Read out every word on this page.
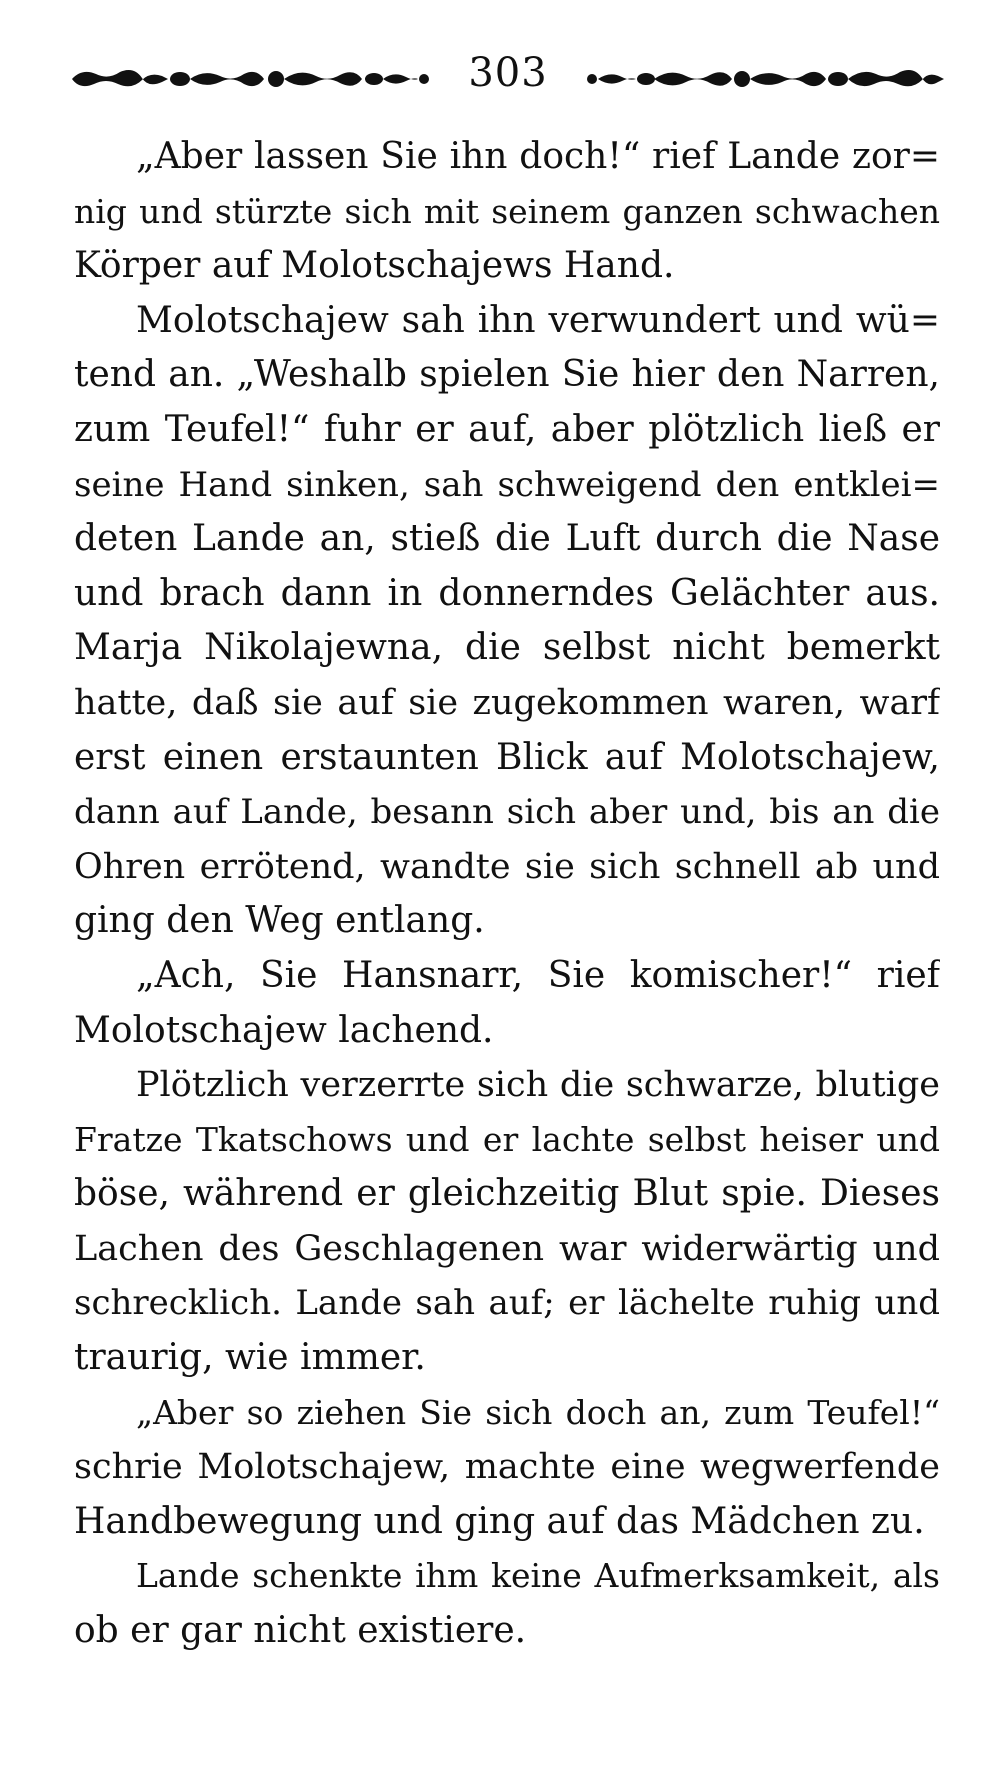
303
„Aber lassen Sie ihn doch!“ rief Lande zor=
nig und stürzte sich mit seinem ganzen schwachen
Körper auf Molotschajews Hand.
Molotschajew sah ihn verwundert und wü=
tend an. „Weshalb spielen Sie hier den Narren,
zum Teufel!“ fuhr er auf, aber plötzlich ließ er
seine Hand sinken, sah schweigend den entklei=
deten Lande an, stieß die Luft durch die Nase
und brach dann in donnerndes Gelächter aus.
Marja Nikolajewna, die selbst nicht bemerkt
hatte, daß sie auf sie zugekommen waren, warf
erst einen erstaunten Blick auf Molotschajew,
dann auf Lande, besann sich aber und, bis an die
Ohren errötend, wandte sie sich schnell ab und
ging den Weg entlang.
„Ach, Sie Hansnarr, Sie komischer!“ rief
Molotschajew lachend.
Plötzlich verzerrte sich die schwarze, blutige
Fratze Tkatschows und er lachte selbst heiser und
böse, während er gleichzeitig Blut spie. Dieses
Lachen des Geschlagenen war widerwärtig und
schrecklich. Lande sah auf; er lächelte ruhig und
traurig, wie immer.
„Aber so ziehen Sie sich doch an, zum Teufel!“
schrie Molotschajew, machte eine wegwerfende
Handbewegung und ging auf das Mädchen zu.
Lande schenkte ihm keine Aufmerksamkeit, als
ob er gar nicht existiere.
